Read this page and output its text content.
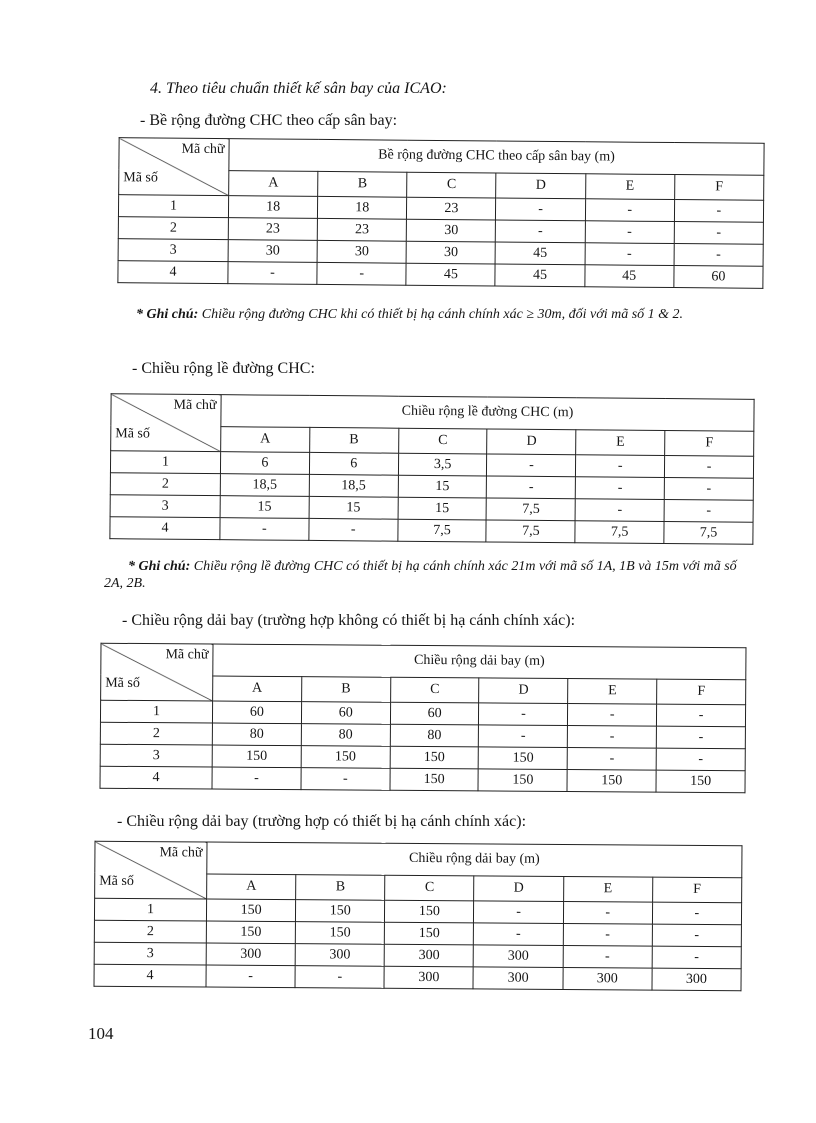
4. Theo tiêu chuẩn thiết kế sân bay của ICAO:
- Bề rộng đường CHC theo cấp sân bay:
Mã chữ
Mã số	Bề rộng đường CHC theo cấp sân bay (m)					
	A	B	C	D	E	F
1	18	18	23	-	-	-
2	23	23	30	-	-	-
3	30	30	30	45	-	-
4	-	-	45	45	45	60
* Ghi chú: Chiều rộng đường CHC khi có thiết bị hạ cánh chính xác ≥ 30m, đối với mã số 1 & 2.
- Chiều rộng lề đường CHC:
Mã chữ
Mã số	Chiều rộng lề đường CHC (m)					
	A	B	C	D	E	F
1	6	6	3,5	-	-	-
2	18,5	18,5	15	-	-	-
3	15	15	15	7,5	-	-
4	-	-	7,5	7,5	7,5	7,5
* Ghi chú: Chiều rộng lề đường CHC có thiết bị hạ cánh chính xác 21m với mã số 1A, 1B và 15m với mã số 2A, 2B.
- Chiều rộng dải bay (trường hợp không có thiết bị hạ cánh chính xác):
Mã chữ
Mã số	Chiều rộng dải bay (m)					
	A	B	C	D	E	F
1	60	60	60	-	-	-
2	80	80	80	-	-	-
3	150	150	150	150	-	-
4	-	-	150	150	150	150
- Chiều rộng dải bay (trường hợp có thiết bị hạ cánh chính xác):
Mã chữ
Mã số	Chiều rộng dải bay (m)					
	A	B	C	D	E	F
1	150	150	150	-	-	-
2	150	150	150	-	-	-
3	300	300	300	300	-	-
4	-	-	300	300	300	300
104
